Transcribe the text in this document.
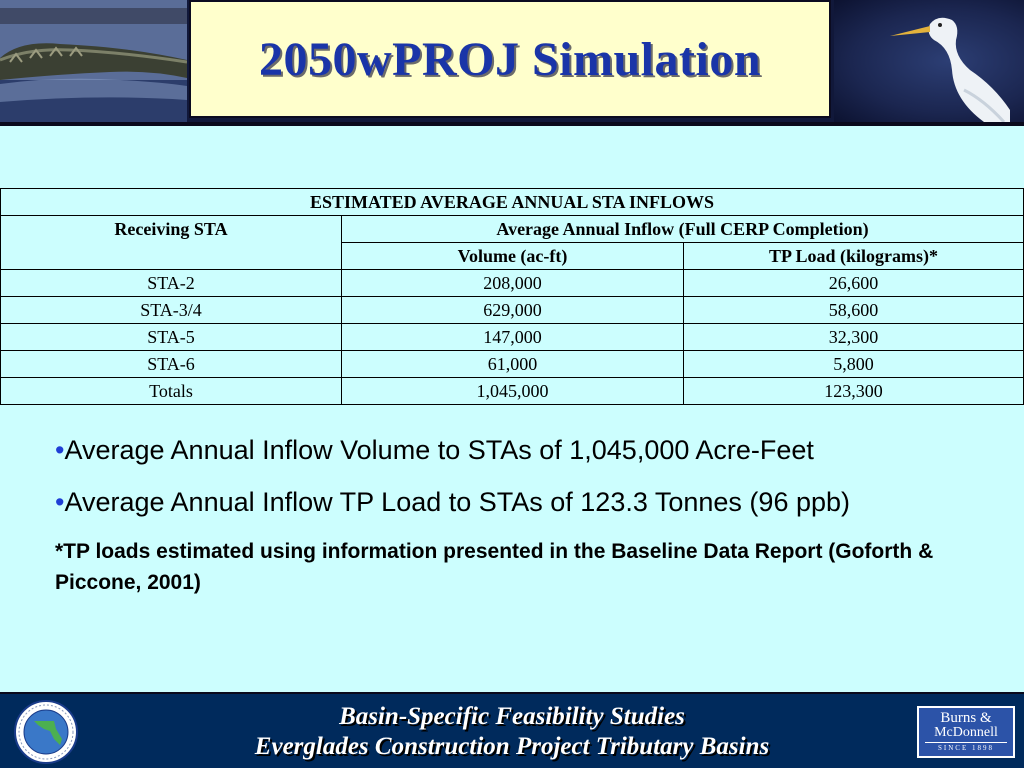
2050wPROJ Simulation
ESTIMATED AVERAGE ANNUAL STA INFLOWS		
Receiving STA	Average Annual Inflow (Full CERP Completion)	
	Volume (ac-ft)	TP Load (kilograms)*
STA-2	208,000	26,600
STA-3/4	629,000	58,600
STA-5	147,000	32,300
STA-6	61,000	5,800
Totals	1,045,000	123,300

•Average Annual Inflow Volume to STAs of 1,045,000 Acre-Feet

•Average Annual Inflow TP Load to STAs of 123.3 Tonnes (96 ppb)

*TP loads estimated using information presented in the Baseline Data Report (Goforth & Piccone, 2001)

Basin-Specific Feasibility Studies
Everglades Construction Project Tributary Basins
Burns &
McDonnell
SINCE 1898
